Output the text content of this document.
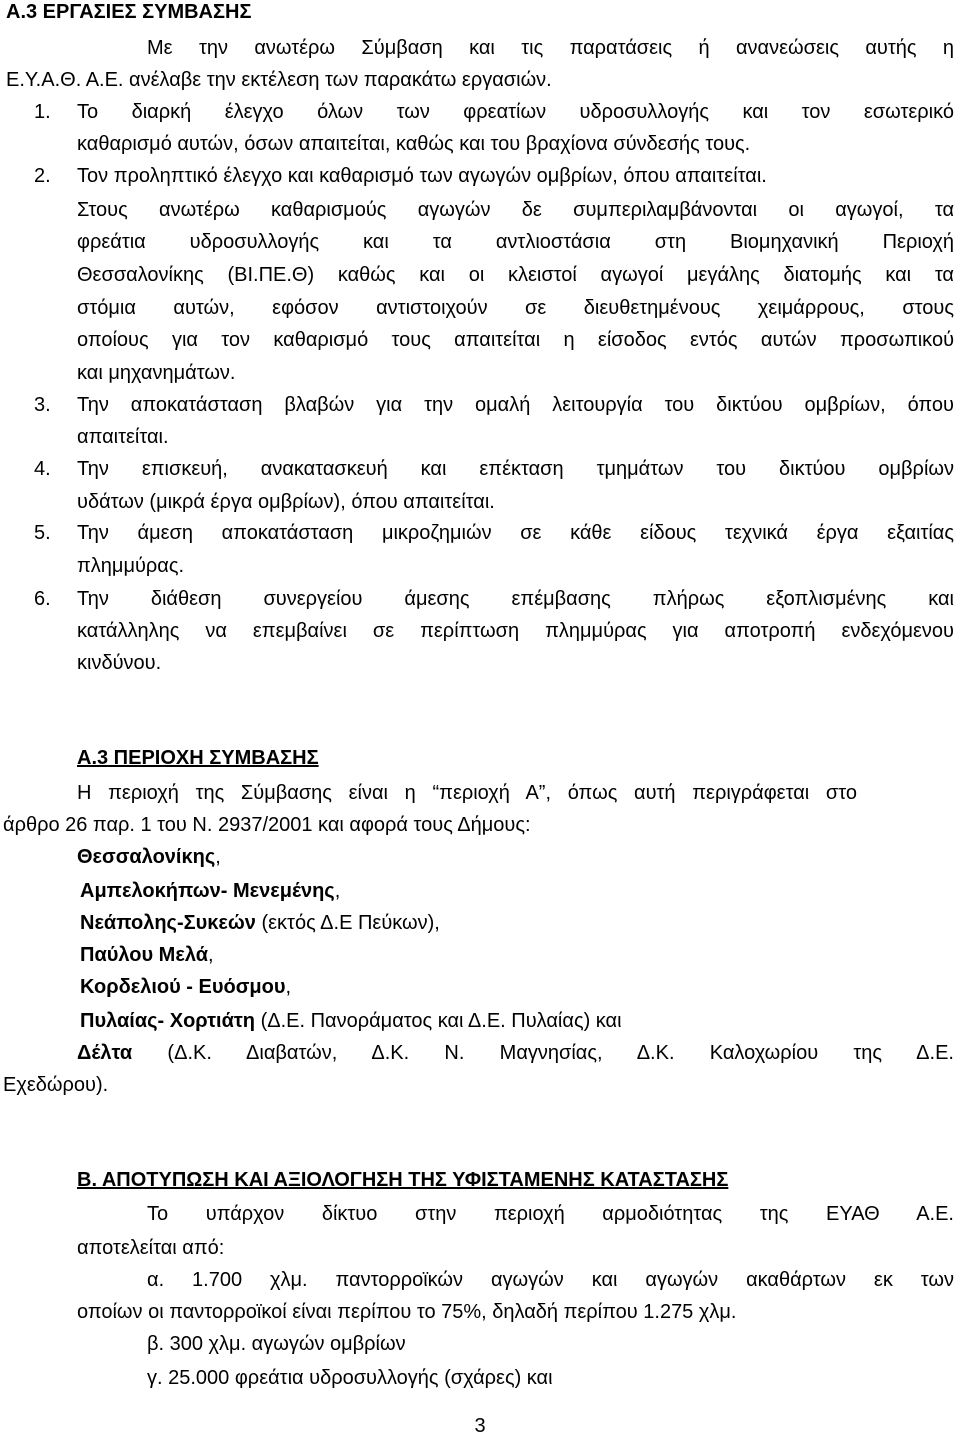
Α.3 ΕΡΓΑΣΙΕΣ ΣΥΜΒΑΣΗΣ
Με την ανωτέρω Σύμβαση και τις παρατάσεις ή ανανεώσεις αυτής η
Ε.Υ.Α.Θ. Α.Ε. ανέλαβε την εκτέλεση των παρακάτω εργασιών.
1. Το διαρκή έλεγχο όλων των φρεατίων υδροσυλλογής και τον εσωτερικό
καθαρισμό αυτών, όσων απαιτείται, καθώς και του βραχίονα σύνδεσής τους.
2. Τον προληπτικό έλεγχο και καθαρισμό των αγωγών ομβρίων, όπου απαιτείται.
Στους ανωτέρω καθαρισμούς αγωγών δε συμπεριλαμβάνονται οι αγωγοί, τα
φρεάτια υδροσυλλογής και τα αντλιοστάσια στη Βιομηχανική Περιοχή
Θεσσαλονίκης (ΒΙ.ΠΕ.Θ) καθώς και οι κλειστοί αγωγοί μεγάλης διατομής και τα
στόμια αυτών, εφόσον αντιστοιχούν σε διευθετημένους χειμάρρους, στους
οποίους για τον καθαρισμό τους απαιτείται η είσοδος εντός αυτών προσωπικού
και μηχανημάτων.
3. Την αποκατάσταση βλαβών για την ομαλή λειτουργία του δικτύου ομβρίων, όπου
απαιτείται.
4. Την επισκευή, ανακατασκευή και επέκταση τμημάτων του δικτύου ομβρίων
υδάτων (μικρά έργα ομβρίων), όπου απαιτείται.
5. Την άμεση αποκατάσταση μικροζημιών σε κάθε είδους τεχνικά έργα εξαιτίας
πλημμύρας.
6. Την διάθεση συνεργείου άμεσης επέμβασης πλήρως εξοπλισμένης και
κατάλληλης να επεμβαίνει σε περίπτωση πλημμύρας για αποτροπή ενδεχόμενου
κινδύνου.
Α.3 ΠΕΡΙΟΧΗ ΣΥΜΒΑΣΗΣ
Η περιοχή της Σύμβασης είναι η “περιοχή Α”, όπως αυτή περιγράφεται στο
άρθρο 26 παρ. 1 του Ν. 2937/2001 και αφορά τους Δήμους:
Θεσσαλονίκης,
Αμπελοκήπων- Μενεμένης,
Νεάπολης-Συκεών (εκτός Δ.Ε Πεύκων),
Παύλου Μελά,
Κορδελιού - Ευόσμου,
Πυλαίας- Χορτιάτη (Δ.Ε. Πανοράματος και Δ.Ε. Πυλαίας) και
Δέλτα (Δ.Κ. Διαβατών, Δ.Κ. Ν. Μαγνησίας, Δ.Κ. Καλοχωρίου της Δ.Ε.
Εχεδώρου).
Β. ΑΠΟΤΥΠΩΣΗ ΚΑΙ ΑΞΙΟΛΟΓΗΣΗ ΤΗΣ ΥΦΙΣΤΑΜΕΝΗΣ ΚΑΤΑΣΤΑΣΗΣ
Το υπάρχον δίκτυο στην περιοχή αρμοδιότητας της ΕΥΑΘ Α.Ε.
αποτελείται από:
α. 1.700 χλμ. παντορροϊκών αγωγών και αγωγών ακαθάρτων εκ των
οποίων οι παντορροϊκοί είναι περίπου το 75%, δηλαδή περίπου 1.275 χλμ.
β. 300 χλμ. αγωγών ομβρίων
γ. 25.000 φρεάτια υδροσυλλογής (σχάρες) και
3
